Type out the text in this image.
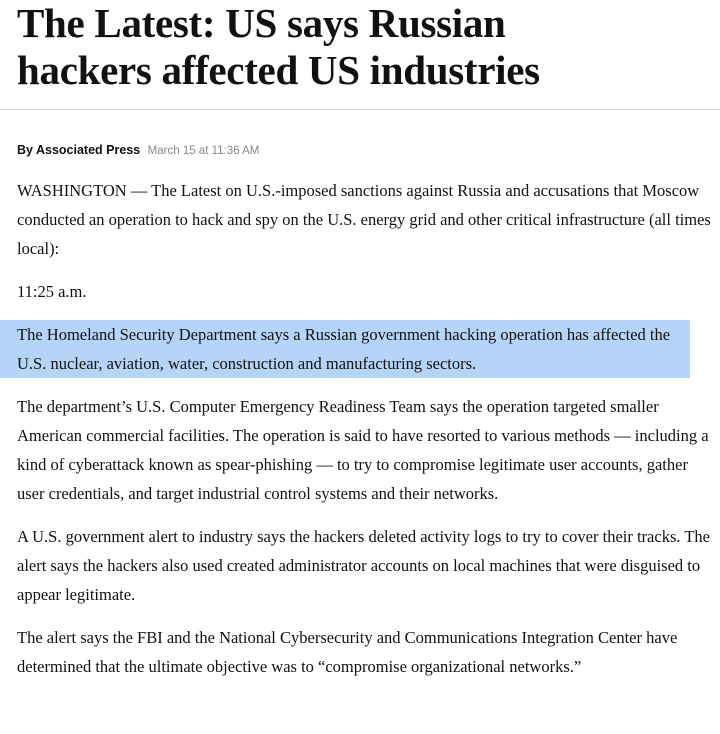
The Latest: US says Russian
hackers affected US industries
By Associated Press March 15 at 11:36 AM

WASHINGTON — The Latest on U.S.-imposed sanctions against Russia and accusations that Moscow conducted an operation to hack and spy on the U.S. energy grid and other critical infrastructure (all times local):

11:25 a.m.

The Homeland Security Department says a Russian government hacking operation has affected the U.S. nuclear, aviation, water, construction and manufacturing sectors.

The department’s U.S. Computer Emergency Readiness Team says the operation targeted smaller American commercial facilities. The operation is said to have resorted to various methods — including a kind of cyberattack known as spear-phishing — to try to compromise legitimate user accounts, gather user credentials, and target industrial control systems and their networks.

A U.S. government alert to industry says the hackers deleted activity logs to try to cover their tracks. The alert says the hackers also used created administrator accounts on local machines that were disguised to appear legitimate.

The alert says the FBI and the National Cybersecurity and Communications Integration Center have determined that the ultimate objective was to “compromise organizational networks.”
